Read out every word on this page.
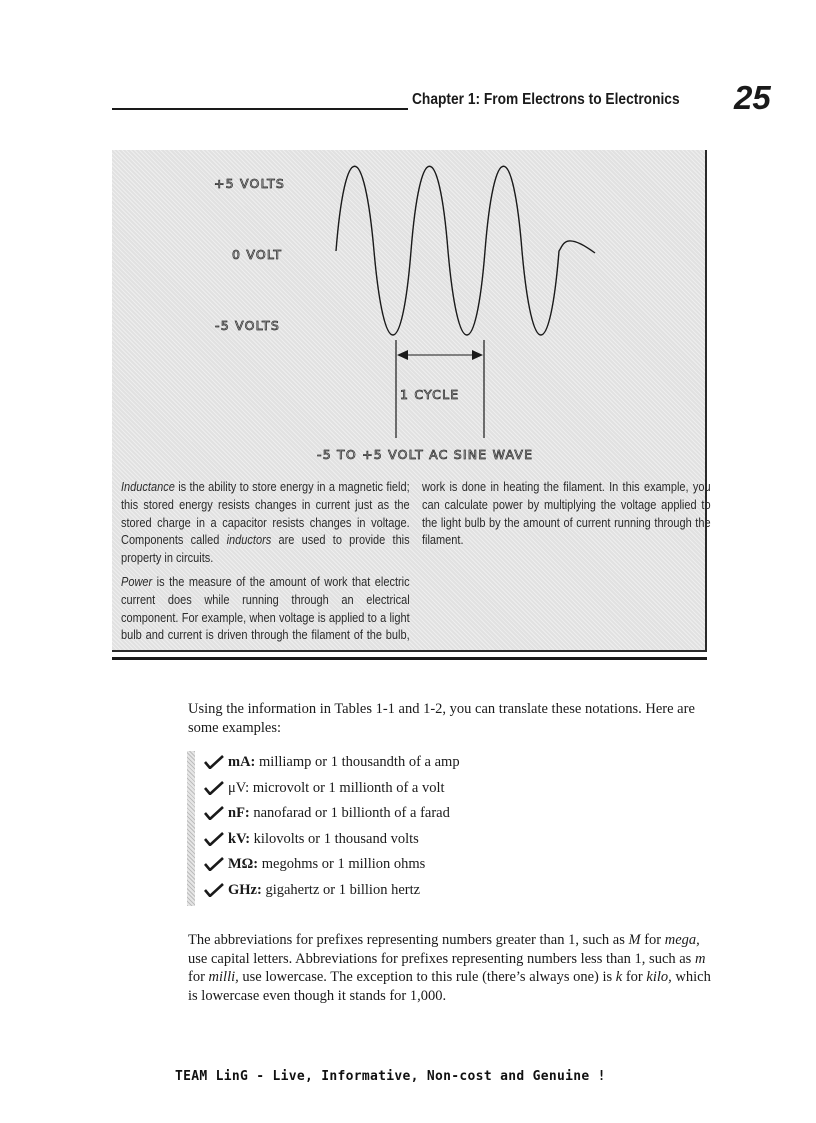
Chapter 1: From Electrons to Electronics 25
+5 VOLTS
0 VOLT
-5 VOLTS
1 CYCLE
-5 TO +5 VOLT AC SINE WAVE

Inductance is the ability to store energy in a magnetic field; this stored energy resists changes in current just as the stored charge in a capacitor resists changes in voltage. Components called inductors are used to provide this property in circuits.

Power is the measure of the amount of work that electric current does while running through an electrical component. For example, when voltage is applied to a light bulb and current is driven through the filament of the bulb, work is done in heating the filament. In this example, you can calculate power by multiplying the voltage applied to the light bulb by the amount of current running through the filament.

Using the information in Tables 1-1 and 1-2, you can translate these notations. Here are some examples:

mA: milliamp or 1 thousandth of a amp
μV: microvolt or 1 millionth of a volt
nF: nanofarad or 1 billionth of a farad
kV: kilovolts or 1 thousand volts
MΩ: megohms or 1 million ohms
GHz: gigahertz or 1 billion hertz

The abbreviations for prefixes representing numbers greater than 1, such as M for mega, use capital letters. Abbreviations for prefixes representing numbers less than 1, such as m for milli, use lowercase. The exception to this rule (there’s always one) is k for kilo, which is lowercase even though it stands for 1,000.

TEAM LinG - Live, Informative, Non-cost and Genuine !
